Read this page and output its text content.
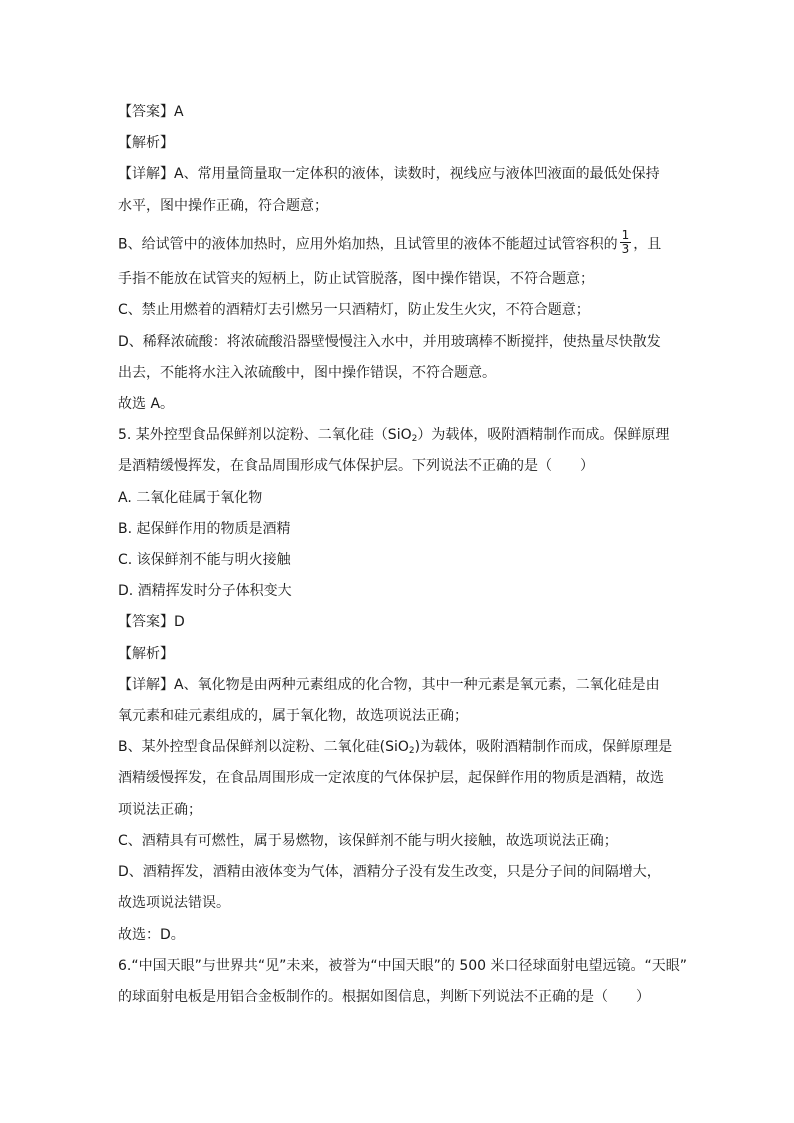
【答案】A
【解析】
【详解】A、常用量筒量取一定体积的液体，读数时，视线应与液体凹液面的最低处保持
水平，图中操作正确，符合题意；
B、给试管中的液体加热时，应用外焰加热，且试管里的液体不能超过试管容积的 $\frac{1}{3}$ ，且
手指不能放在试管夹的短柄上，防止试管脱落，图中操作错误，不符合题意；
C、禁止用燃着的酒精灯去引燃另一只酒精灯，防止发生火灾，不符合题意；
D、稀释浓硫酸：将浓硫酸沿器壁慢慢注入水中，并用玻璃棒不断搅拌，使热量尽快散发
出去，不能将水注入浓硫酸中，图中操作错误，不符合题意。
故选 A。
5. 某外控型食品保鲜剂以淀粉、二氧化硅（SiO$_2$）为载体，吸附酒精制作而成。保鲜原理
是酒精缓慢挥发，在食品周围形成气体保护层。下列说法不正确的是（　　）
A. 二氧化硅属于氧化物
B. 起保鲜作用的物质是酒精
C. 该保鲜剂不能与明火接触
D. 酒精挥发时分子体积变大
【答案】D
【解析】
【详解】A、氧化物是由两种元素组成的化合物，其中一种元素是氧元素，二氧化硅是由
氧元素和硅元素组成的，属于氧化物，故选项说法正确；
B、某外控型食品保鲜剂以淀粉、二氧化硅(SiO$_2$)为载体，吸附酒精制作而成，保鲜原理是
酒精缓慢挥发，在食品周围形成一定浓度的气体保护层，起保鲜作用的物质是酒精，故选
项说法正确；
C、酒精具有可燃性，属于易燃物，该保鲜剂不能与明火接触，故选项说法正确；
D、酒精挥发，酒精由液体变为气体，酒精分子没有发生改变，只是分子间的间隔增大，
故选项说法错误。
故选：D。
6.“中国天眼”与世界共“见”未来，被誉为“中国天眼”的 500 米口径球面射电望远镜。“天眼”
的球面射电板是用铝合金板制作的。根据如图信息，判断下列说法不正确的是（　　）
